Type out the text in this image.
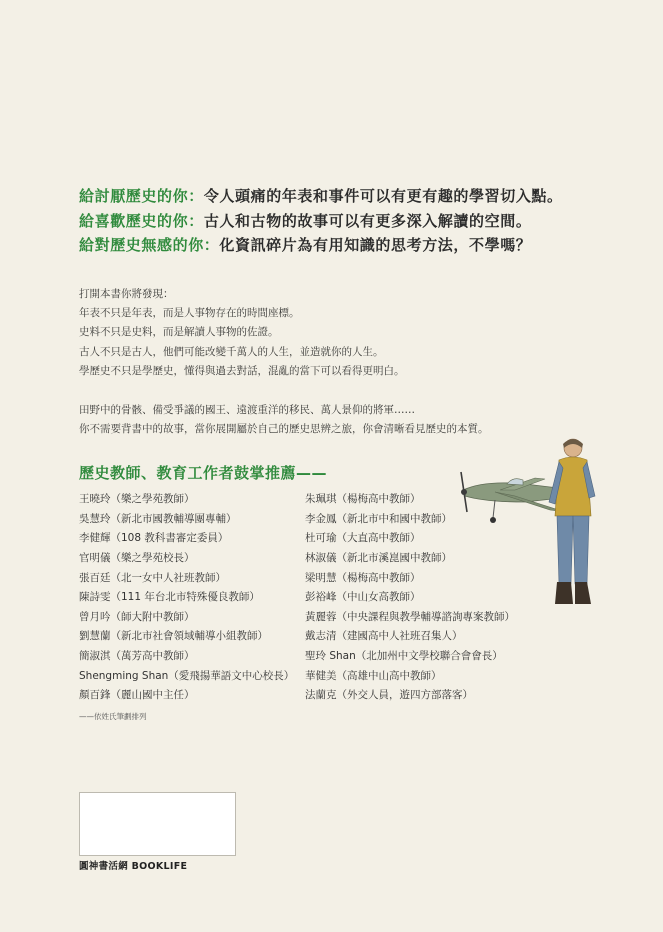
給討厭歷史的你：令人頭痛的年表和事件可以有更有趣的學習切入點。
給喜歡歷史的你：古人和古物的故事可以有更多深入解讀的空間。
給對歷史無感的你：化資訊碎片為有用知識的思考方法，不學嗎？
打開本書你將發現：
年表不只是年表，而是人事物存在的時間座標。
史料不只是史料，而是解讀人事物的佐證。
古人不只是古人，他們可能改變千萬人的人生，並造就你的人生。
學歷史不只是學歷史，懂得與過去對話，混亂的當下可以看得更明白。
田野中的骨骸、備受爭議的國王、遠渡重洋的移民、萬人景仰的將軍……
你不需要背書中的故事，當你展開屬於自己的歷史思辨之旅，你會清晰看見歷史的本質。
歷史教師、教育工作者鼓掌推薦——
王曉玲（樂之學苑教師）
吳慧玲（新北市國教輔導團專輔）
李健輝（108 教科書審定委員）
官明儀（樂之學苑校長）
張百廷（北一女中人社班教師）
陳詩雯（111 年台北市特殊優良教師）
曾月吟（師大附中教師）
劉慧蘭（新北市社會領域輔導小組教師）
簡淑淇（萬芳高中教師）
Shengming Shan（愛飛揚華語文中心校長）
顏百鋒（麗山國中主任）
朱珮琪（楊梅高中教師）
李金鳳（新北市中和國中教師）
杜可瑜（大直高中教師）
林淑儀（新北市溪崑國中教師）
梁明慧（楊梅高中教師）
彭裕峰（中山女高教師）
黃麗蓉（中央課程與教學輔導諮詢專案教師）
戴志清（建國高中人社班召集人）
聖玲 Shan（北加州中文學校聯合會會長）
華健美（高雄中山高中教師）
法蘭克（外交人員，遊四方部落客）
——依姓氏筆劃排列
圓神書活網 BOOKLIFE
